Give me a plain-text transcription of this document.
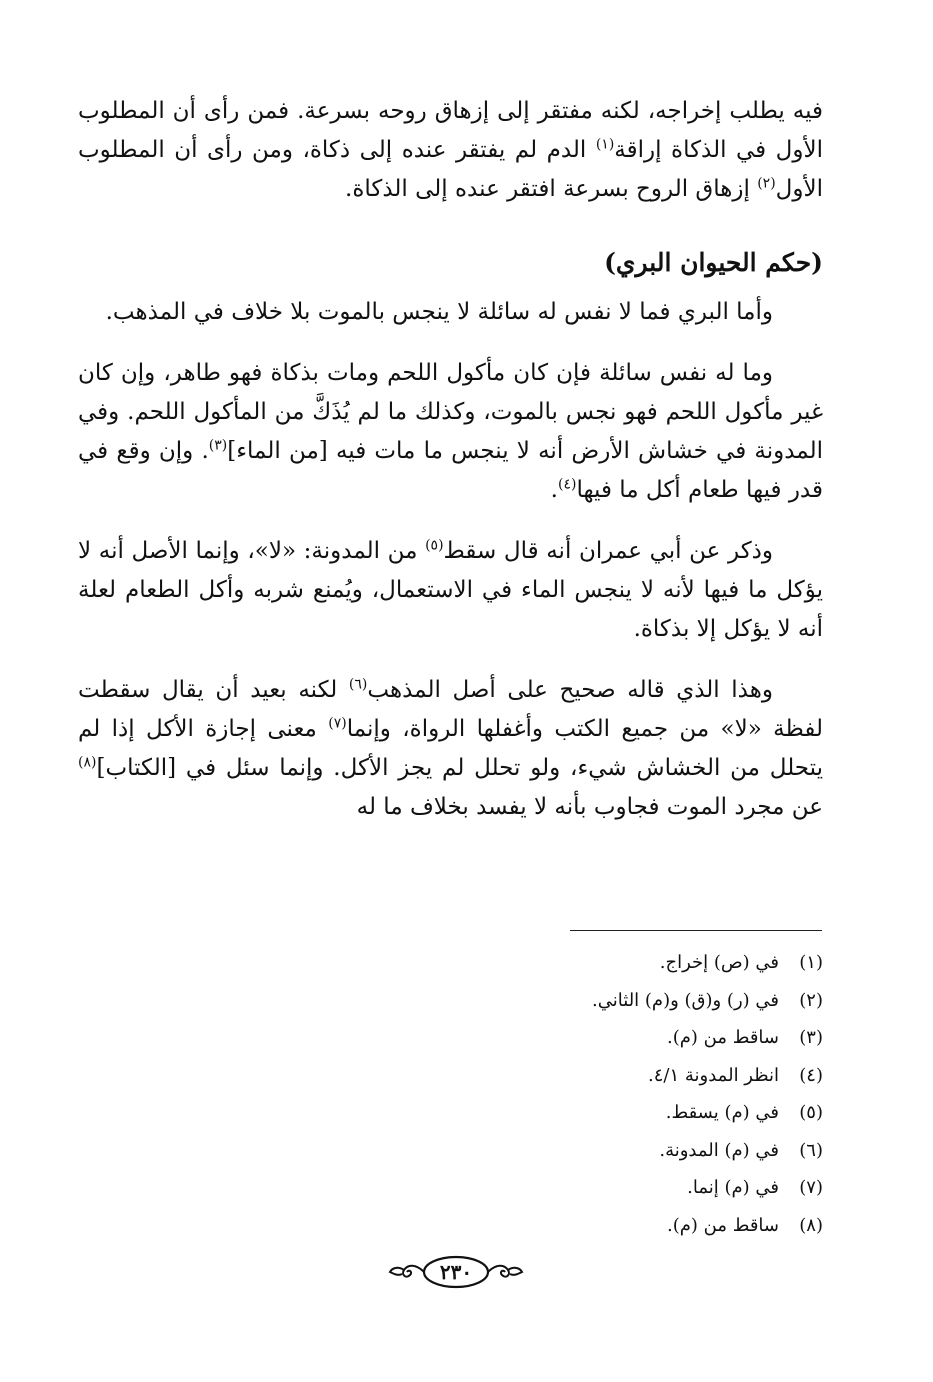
فيه يطلب إخراجه، لكنه مفتقر إلى إزهاق روحه بسرعة. فمن رأى أن المطلوب الأول في الذكاة إراقة$^{(١)}$ الدم لم يفتقر عنده إلى ذكاة، ومن رأى أن المطلوب الأول$^{(٢)}$ إزهاق الروح بسرعة افتقر عنده إلى الذكاة.

(حكم الحيوان البري)

وأما البري فما لا نفس له سائلة لا ينجس بالموت بلا خلاف في المذهب.

وما له نفس سائلة فإن كان مأكول اللحم ومات بذكاة فهو طاهر، وإن كان غير مأكول اللحم فهو نجس بالموت، وكذلك ما لم يُذَكَّ من المأكول اللحم. وفي المدونة في خشاش الأرض أنه لا ينجس ما مات فيه [من الماء]$^{(٣)}$. وإن وقع في قدر فيها طعام أكل ما فيها$^{(٤)}$.

وذكر عن أبي عمران أنه قال سقط$^{(٥)}$ من المدونة: «لا»، وإنما الأصل أنه لا يؤكل ما فيها لأنه لا ينجس الماء في الاستعمال، ويُمنع شربه وأكل الطعام لعلة أنه لا يؤكل إلا بذكاة.

وهذا الذي قاله صحيح على أصل المذهب$^{(٦)}$ لكنه بعيد أن يقال سقطت لفظة «لا» من جميع الكتب وأغفلها الرواة، وإنما$^{(٧)}$ معنى إجازة الأكل إذا لم يتحلل من الخشاش شيء، ولو تحلل لم يجز الأكل. وإنما سئل في [الكتاب]$^{(٨)}$ عن مجرد الموت فجاوب بأنه لا يفسد بخلاف ما له

(١)في (ص) إخراج.
(٢)في (ر) و(ق) و(م) الثاني.
(٣)ساقط من (م).
(٤)انظر المدونة ٤/١.
(٥)في (م) يسقط.
(٦)في (م) المدونة.
(٧)في (م) إنما.
(٨)ساقط من (م).
٢٣٠
